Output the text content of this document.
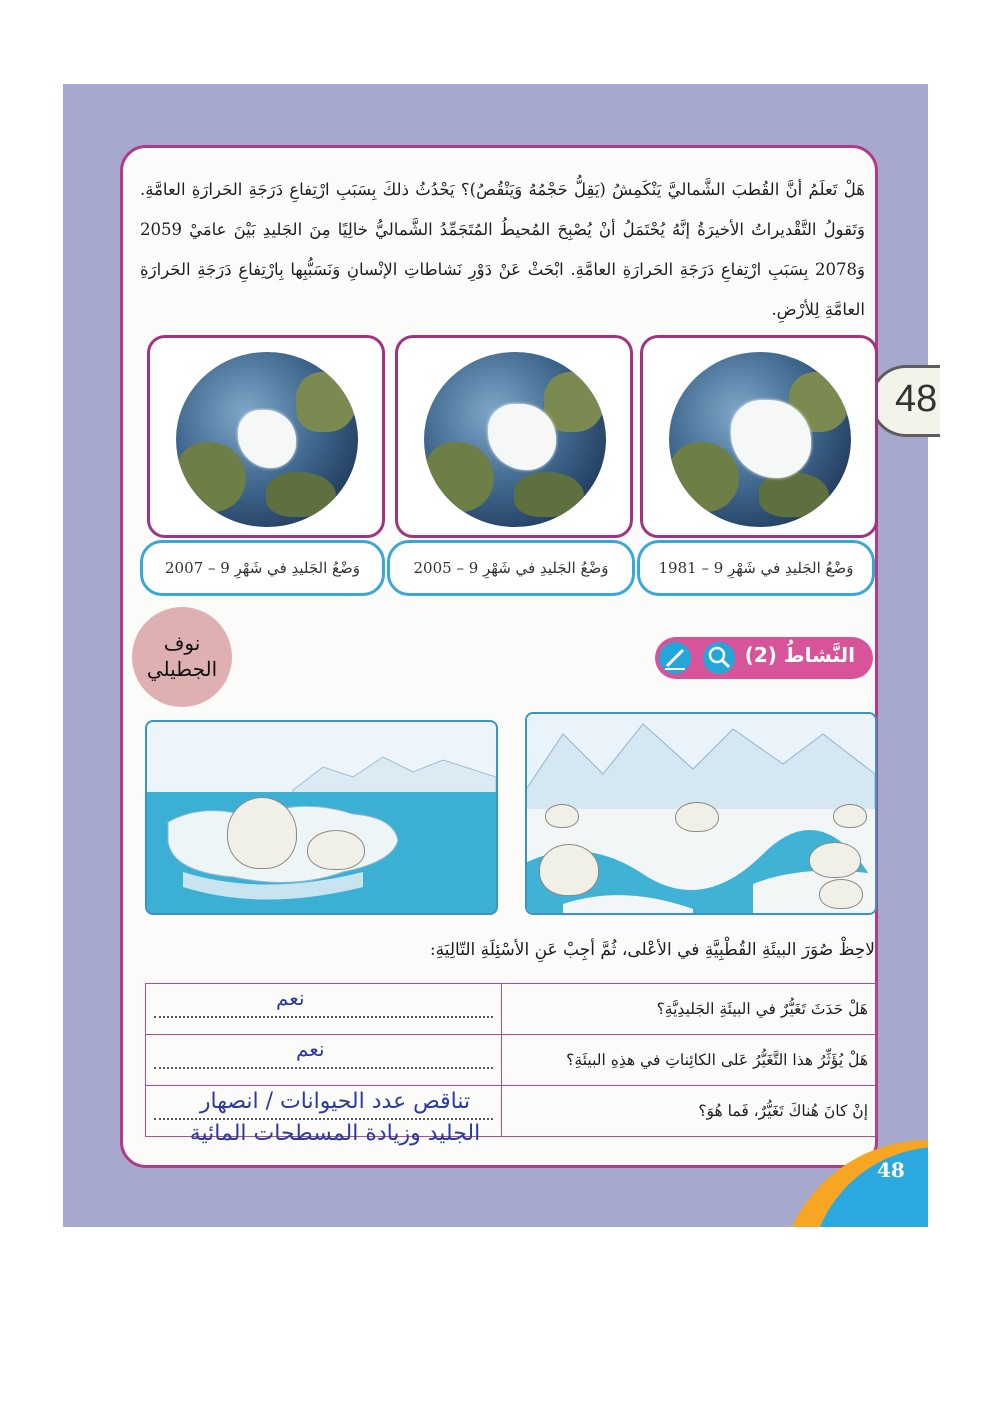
هَلْ تَعلَمُ أنَّ القُطبَ الشَّماليَّ يَنْكَمِشُ (يَقِلُّ حَجْمُهُ وَيَنْقُصُ)؟ يَحْدُثُ ذلكَ بِسَبَبِ ارْتِفاعِ دَرَجَةِ الحَرارَةِ العامَّةِ. وَتَقولُ التَّقْديراتُ الأخيرَةُ إنَّهُ يُحْتَمَلُ أنْ يُصْبِحَ المُحيطُ المُتَجَمِّدُ الشَّماليُّ خالِيًا مِنَ الجَليدِ بَيْنَ عامَيْ 2059 وَ2078 بِسَبَبِ ارْتِفاعِ دَرَجَةِ الحَرارَةِ العامَّةِ. ابْحَثْ عَنْ دَوْرِ نَشاطاتِ الإنْسانِ وَنَسَبُّبِها بِارْتِفاعِ دَرَجَةِ الحَرارَةِ العامَّةِ لِلأرْضِ.

48
وَضْعُ الجَليدِ في شَهْرِ 9 – 1981
وَضْعُ الجَليدِ في شَهْرِ 9 – 2005
وَضْعُ الجَليدِ في شَهْرِ 9 – 2007
النَّشاطُ (2)
نوف
الجطيلي

لاحِظْ صُوَرَ البيئَةِ القُطْبِيَّةِ في الأعْلى، ثُمَّ أجِبْ عَنِ الأسْئِلَةِ التّالِيَةِ:

هَلْ حَدَثَ تَغَيُّرٌ في البيئَةِ الجَليدِيَّةِ؟	نعم

هَلْ يُؤَثِّرُ هذا التَّغَيُّرُ عَلى الكائِناتِ في هذِهِ البيئَةِ؟	نعم

إنْ كانَ هُناكَ تَغَيُّرٌ، فَما هُوَ؟	
تناقص عدد الحيوانات / انصهار
الجليد وزيادة المسطحات المائية
48
